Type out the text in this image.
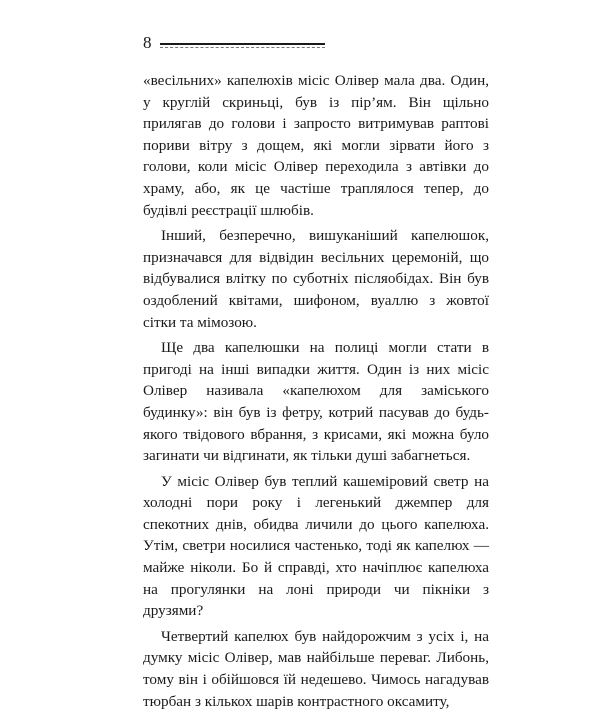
8

«весільних» капелюхів місіс Олівер мала два. Один, у круглій скриньці, був із пір’ям. Він щільно прилягав до голови і запросто витримував раптові пориви вітру з дощем, які могли зірвати його з голови, коли місіс Олівер переходила з автівки до храму, або, як це частіше траплялося тепер, до будівлі реєстрації шлюбів.

Інший, безперечно, вишуканіший капелюшок, призначався для відвідин весільних церемоній, що відбувалися влітку по суботніх післяобідах. Він був оздоблений квітами, шифоном, вуаллю з жовтої сітки та мімозою.

Ще два капелюшки на полиці могли стати в пригоді на інші випадки життя. Один із них місіс Олівер називала «капелюхом для заміського будинку»: він був із фетру, котрий пасував до будь-якого твідового вбрання, з крисами, які можна було загинати чи відгинати, як тільки душі забагнеться.

У місіс Олівер був теплий кашеміровий светр на холодні пори року і легенький джемпер для спекотних днів, обидва личили до цього капелюха. Утім, светри носилися частенько, тоді як капелюх — майже ніколи. Бо й справді, хто начіплює капелюха на прогулянки на лоні природи чи пікніки з друзями?

Четвертий капелюх був найдорожчим з усіх і, на думку місіс Олівер, мав найбільше переваг. Либонь, тому він і обійшовся їй недешево. Чимось нагадував тюрбан з кількох шарів контрастного оксамиту,
